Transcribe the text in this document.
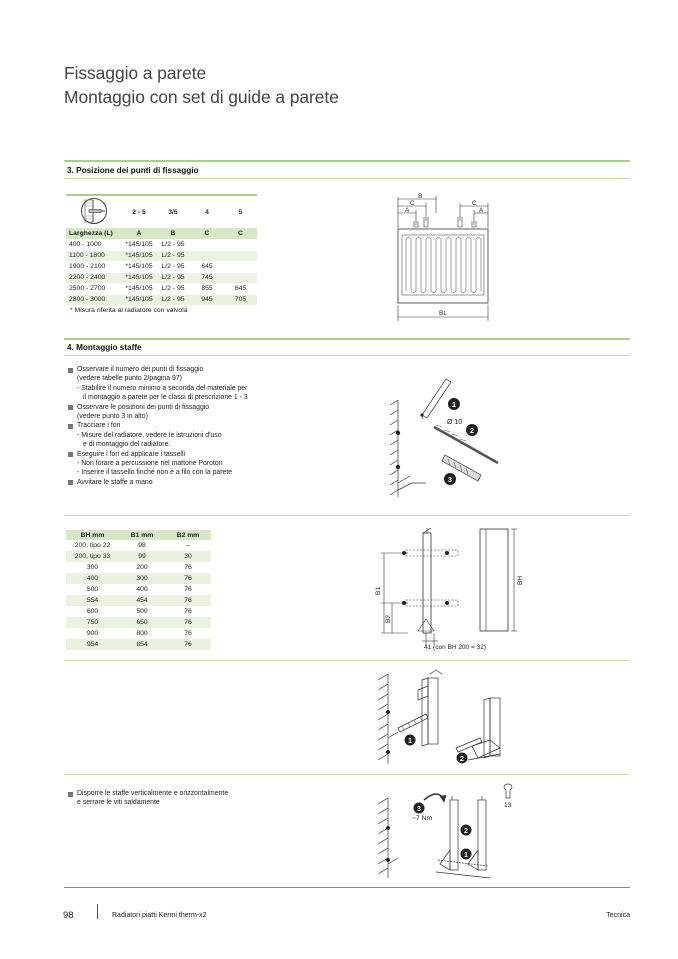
Fissaggio a parete
Montaggio con set di guide a parete
3. Posizione dei punti di fissaggio
	2 - 5	3/5	4	5
Larghezza (L)	A	B	C	C
400 - 1000	*145/105	L/2 - 95		
1100 - 1800	*145/105	L/2 - 95		
1900 - 2100	*145/105	L/2 - 95	645	
2200 - 2400	*145/105	L/2 - 95	745	
2500 - 2700	*145/105	L/2 - 95	855	645
2800 - 3000	*145/105	L/2 - 95	945	705
* Misura riferita al radiatore con valvola
B
C
A
C
A
BL
4. Montaggio staffe
Osservare il numero dei punti di fissaggio
(vedere tabelle punto 2/pagina 97)
- Stabilire il numero minimo a seconda del materiale per
il montaggio a parete per le classi di prescrizione 1 - 3
Osservare le posizioni dei punti di fissaggio
(vedere punto 3 in alto)
Tracciare i fori
- Misure del radiatore, vedere le istruzioni d'uso
e di montaggio del radiatore.
Eseguire i fori ed applicare i tasselli
- Non forare a percussione nel mattone Poroton
- Inserire il tassello finché non è a filo con la parete
Avvitare le staffe a mano
1
2
3
Ø 10
BH mm	B1 mm	B2 mm
200, tipo 22	98	–
200, tipo 33	99	30
300	200	76
400	300	76
500	400	76
554	454	76
600	500	76
750	650	76
900	800	76
954	854	76
B1
B2
BH
41 (con BH 200 = 32)
1
2
Disporre le staffe verticalmente e orizzontalmente
e serrare le viti saldamente
3
2
1
~7 Nm
13
98	Radiatori piatti Kermi therm-x2	Tecnica
